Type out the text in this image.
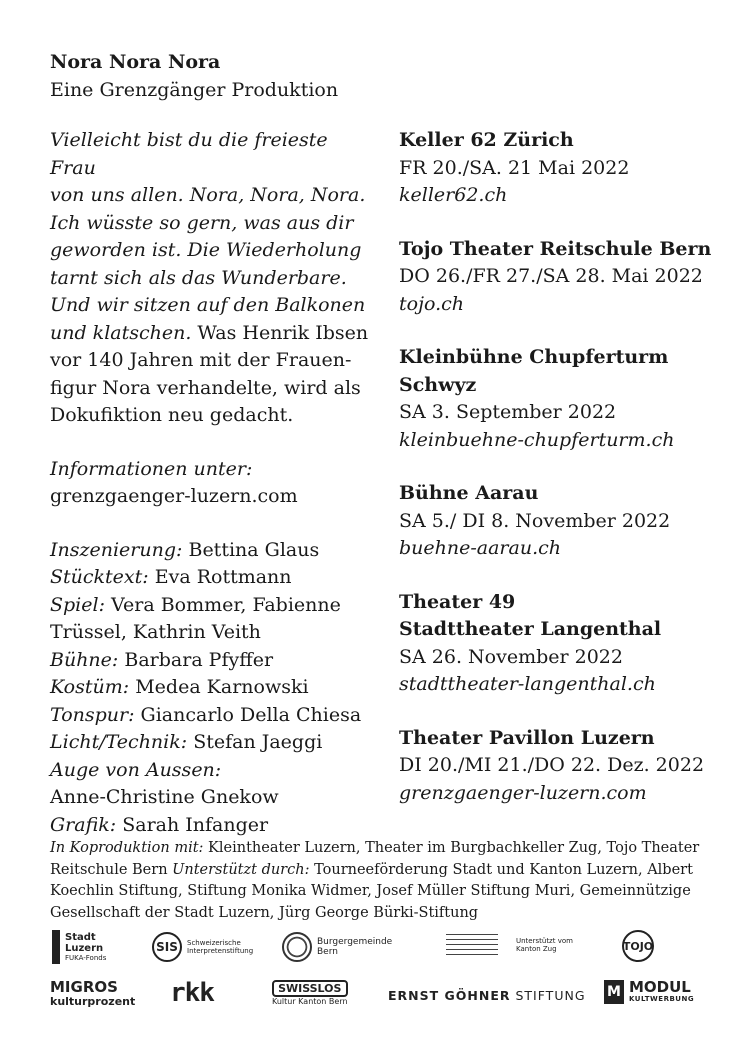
Nora Nora Nora
Eine Grenzgänger Produktion

Vielleicht bist du die freieste Frau
von uns allen. Nora, Nora, Nora.
Ich wüsste so gern, was aus dir
geworden ist. Die Wiederholung
tarnt sich als das Wunderbare.
Und wir sitzen auf den Balkonen
und klatschen. Was Henrik Ibsen
vor 140 Jahren mit der Frauen-
figur Nora verhandelte, wird als
Dokufiktion neu gedacht.

Informationen unter:
grenzgaenger-luzern.com

Inszenierung: Bettina Glaus
Stücktext: Eva Rottmann
Spiel: Vera Bommer, Fabienne
Trüssel, Kathrin Veith
Bühne: Barbara Pfyffer
Kostüm: Medea Karnowski
Tonspur: Giancarlo Della Chiesa
Licht/Technik: Stefan Jaeggi
Auge von Aussen:
Anne-Christine Gnekow
Grafik: Sarah Infanger
Keller 62 Zürich
FR 20./SA. 21 Mai 2022
keller62.ch
Tojo Theater Reitschule Bern
DO 26./FR 27./SA 28. Mai 2022
tojo.ch
Kleinbühne Chupferturm
Schwyz
SA 3. September 2022
kleinbuehne-chupferturm.ch
Bühne Aarau
SA 5./ DI 8. November 2022
buehne-aarau.ch
Theater 49
Stadttheater Langenthal
SA 26. November 2022
stadttheater-langenthal.ch
Theater Pavillon Luzern
DI 20./MI 21./DO 22. Dez. 2022
grenzgaenger-luzern.com
In Koproduktion mit: Kleintheater Luzern, Theater im Burgbachkeller Zug, Tojo Theater Reitschule Bern Unterstützt durch: Tourneeförderung Stadt und Kanton Luzern, Albert Koechlin Stiftung, Stiftung Monika Widmer, Josef Müller Stiftung Muri, Gemeinnützige Gesellschaft der Stadt Luzern, Jürg George Bürki-Stiftung
Stadt
Luzern
FUKA-Fonds
SIS	Schweizerische
Interpretenstiftung
Burgergemeinde
Bern
Unterstützt vom
Kanton Zug	TOJO
MIGROS
kulturprozent rkk	SWISSLOS
Kultur Kanton Bern	ERNST GÖHNER STIFTUNG M MODUL
KULTWERBUNG
